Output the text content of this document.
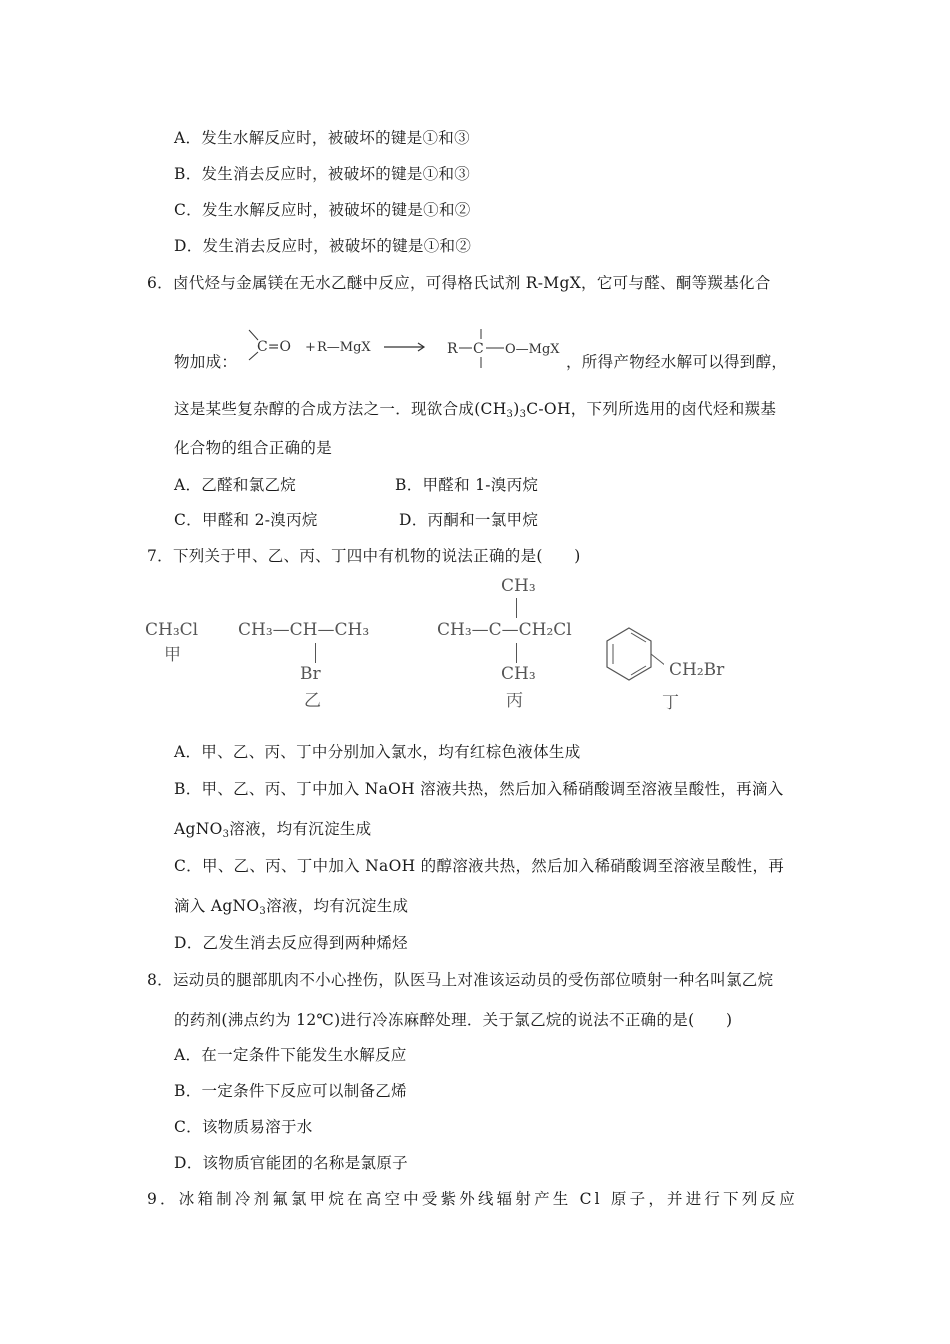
A．发生水解反应时，被破坏的键是①和③
B．发生消去反应时，被破坏的键是①和③
C．发生水解反应时，被破坏的键是①和②
D．发生消去反应时，被破坏的键是①和②
6．卤代烃与金属镁在无水乙醚中反应，可得格氏试剂 R-MgX，它可与醛、酮等羰基化合
物加成：
C=O + R—MgX	R C O—MgX
，所得产物经水解可以得到醇，
这是某些复杂醇的合成方法之一．现欲合成$(CH_3)_3C-OH$，下列所选用的卤代烃和羰基
化合物的组合正确的是
A．乙醛和氯乙烷	B．甲醛和 1-溴丙烷
C．甲醛和 2-溴丙烷	D．丙酮和一氯甲烷
7．下列关于甲、乙、丙、丁四中有机物的说法正确的是(　　)
CH₃Cl
甲
CH₃—CH—CH₃
Br
乙
CH₃
CH₃—C—CH₂Cl
CH₃
丙
CH₂Br
丁
A．甲、乙、丙、丁中分别加入氯水，均有红棕色液体生成
B．甲、乙、丙、丁中加入 NaOH 溶液共热，然后加入稀硝酸调至溶液呈酸性，再滴入
AgNO$_3$溶液，均有沉淀生成
C．甲、乙、丙、丁中加入 NaOH 的醇溶液共热，然后加入稀硝酸调至溶液呈酸性，再
滴入 AgNO$_3$溶液，均有沉淀生成
D．乙发生消去反应得到两种烯烃
8．运动员的腿部肌肉不小心挫伤，队医马上对准该运动员的受伤部位喷射一种名叫氯乙烷
的药剂(沸点约为 12℃)进行冷冻麻醉处理．关于氯乙烷的说法不正确的是(　　)
A．在一定条件下能发生水解反应
B．一定条件下反应可以制备乙烯
C．该物质易溶于水
D．该物质官能团的名称是氯原子
9．冰箱制冷剂氟氯甲烷在高空中受紫外线辐射产生 Cl 原子，并进行下列反应
